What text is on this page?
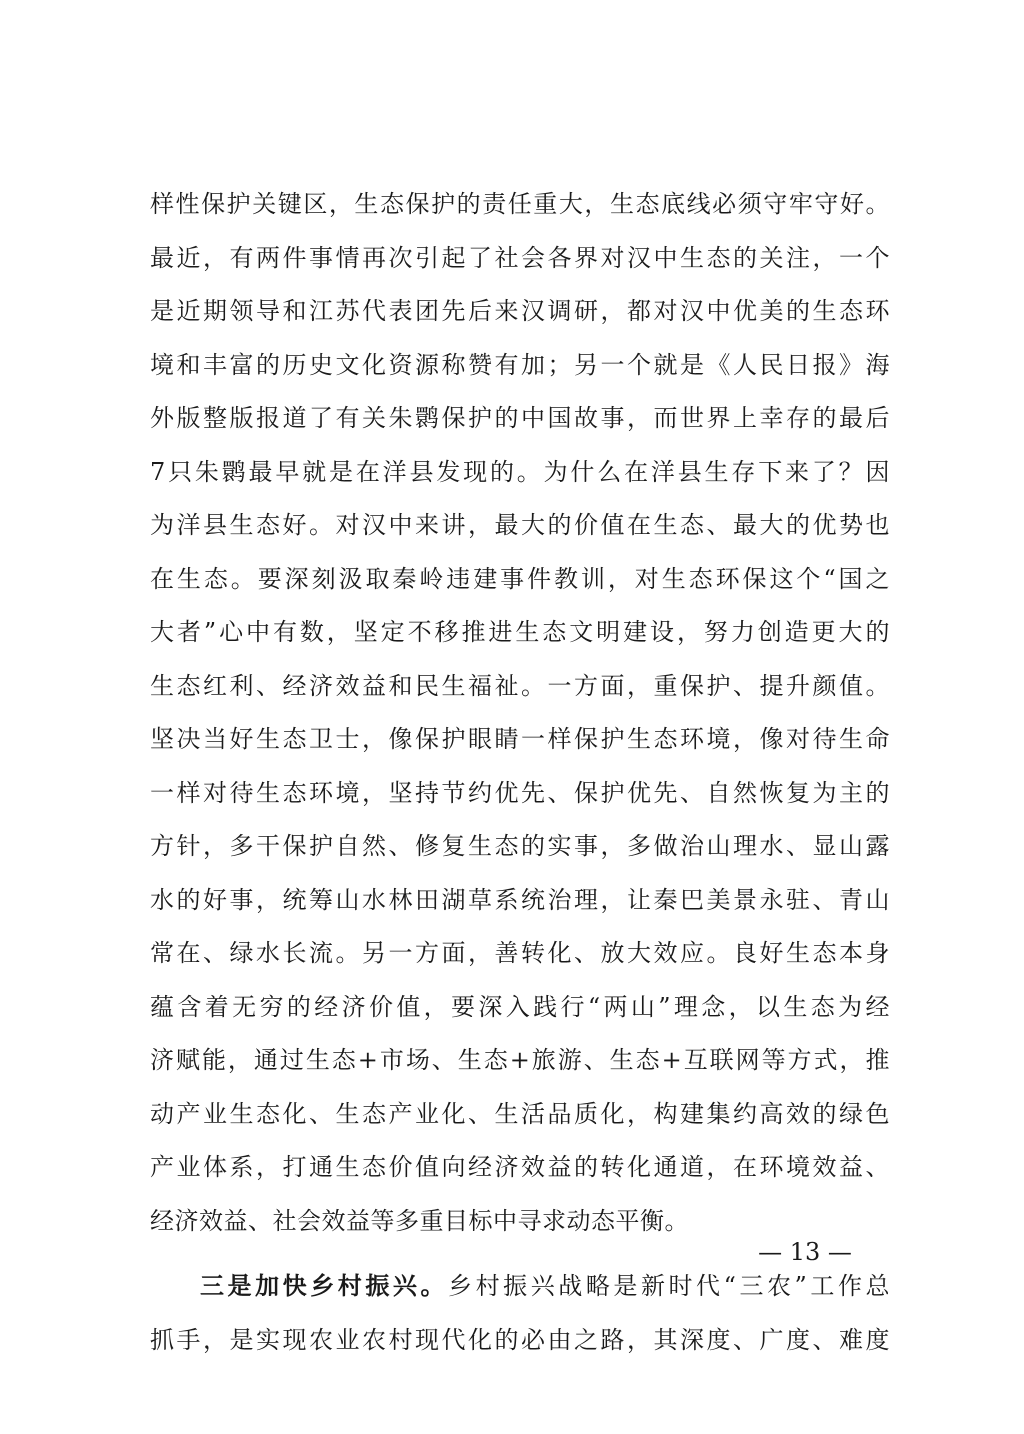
样性保护关键区，生态保护的责任重大，生态底线必须守牢守好。
最近，有两件事情再次引起了社会各界对汉中生态的关注，一个
是近期领导和江苏代表团先后来汉调研，都对汉中优美的生态环
境和丰富的历史文化资源称赞有加；另一个就是《人民日报》海
外版整版报道了有关朱鹮保护的中国故事，而世界上幸存的最后
7只朱鹮最早就是在洋县发现的。为什么在洋县生存下来了？因
为洋县生态好。对汉中来讲，最大的价值在生态、最大的优势也
在生态。要深刻汲取秦岭违建事件教训，对生态环保这个“国之
大者”心中有数，坚定不移推进生态文明建设，努力创造更大的
生态红利、经济效益和民生福祉。一方面，重保护、提升颜值。
坚决当好生态卫士，像保护眼睛一样保护生态环境，像对待生命
一样对待生态环境，坚持节约优先、保护优先、自然恢复为主的
方针，多干保护自然、修复生态的实事，多做治山理水、显山露
水的好事，统筹山水林田湖草系统治理，让秦巴美景永驻、青山
常在、绿水长流。另一方面，善转化、放大效应。良好生态本身
蕴含着无穷的经济价值，要深入践行“两山”理念，以生态为经
济赋能，通过生态+市场、生态+旅游、生态+互联网等方式，推
动产业生态化、生态产业化、生活品质化，构建集约高效的绿色
产业体系，打通生态价值向经济效益的转化通道，在环境效益、
经济效益、社会效益等多重目标中寻求动态平衡。
三是加快乡村振兴。乡村振兴战略是新时代“三农”工作总
抓手，是实现农业农村现代化的必由之路，其深度、广度、难度
— 13 —
